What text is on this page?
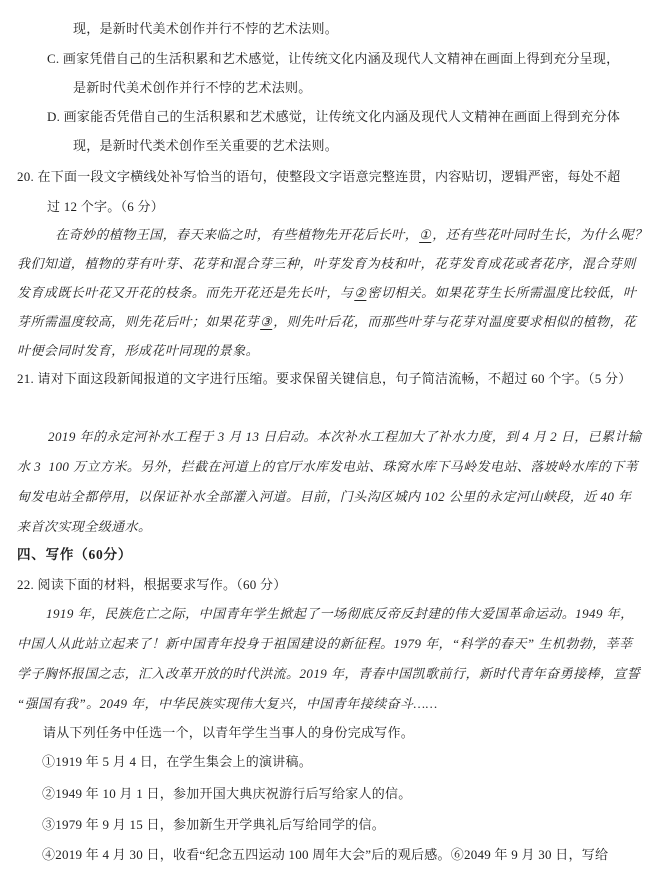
现，是新时代美术创作并行不悖的艺术法则。
C. 画家凭借自己的生活积累和艺术感觉，让传统文化内涵及现代人文精神在画面上得到充分呈现，
是新时代美术创作并行不悖的艺术法则。
D. 画家能否凭借自己的生活积累和艺术感觉，让传统文化内涵及现代人文精神在画面上得到充分体
现，是新时代类术创作至关重要的艺术法则。
20. 在下面一段文字横线处补写恰当的语句，使整段文字语意完整连贯，内容贴切，逻辑严密，每处不超
过 12 个字。（6 分）
在奇妙的植物王国，春天来临之时，有些植物先开花后长叶，①，还有些花叶同时生长，为什么呢？
我们知道，植物的芽有叶芽、花芽和混合芽三种，叶芽发育为枝和叶，花芽发育成花或者花序，混合芽则
发育成既长叶花又开花的枝条。而先开花还是先长叶，与②密切相关。如果花芽生长所需温度比较低，叶
芽所需温度较高，则先花后叶；如果花芽③，则先叶后花，而那些叶芽与花芽对温度要求相似的植物，花
叶便会同时发育，形成花叶同现的景象。
21. 请对下面这段新闻报道的文字进行压缩。要求保留关键信息，句子简洁流畅，不超过 60 个字。（5 分）
2019 年的永定河补水工程于 3 月 13 日启动。本次补水工程加大了补水力度，到 4 月 2 日，已累计输
水 3  100 万立方米。另外，拦截在河道上的官厅水库发电站、珠窝水库下马岭发电站、落坡岭水库的下苇
甸发电站全都停用，以保证补水全部灌入河道。目前，门头沟区城内 102 公里的永定河山峡段，近 40 年
来首次实现全级通水。
四、写作（60分）
22. 阅读下面的材料，根据要求写作。（60 分）
1919 年，民族危亡之际，中国青年学生掀起了一场彻底反帝反封建的伟大爱国革命运动。1949 年，
中国人从此站立起来了！新中国青年投身于祖国建设的新征程。1979 年，“科学的春天” 生机勃勃，莘莘
学子胸怀报国之志，汇入改革开放的时代洪流。2019 年，青春中国凯歌前行，新时代青年奋勇接棒，宣誓
“强国有我”。2049 年，中华民族实现伟大复兴，中国青年接续奋斗……
请从下列任务中任选一个，以青年学生当事人的身份完成写作。
①1919 年 5 月 4 日，在学生集会上的演讲稿。
②1949 年 10 月 1 日，参加开国大典庆祝游行后写给家人的信。
③1979 年 9 月 15 日，参加新生开学典礼后写给同学的信。
④2019 年 4 月 30 日，收看“纪念五四运动 100 周年大会”后的观后感。⑥2049 年 9 月 30 日，写给
